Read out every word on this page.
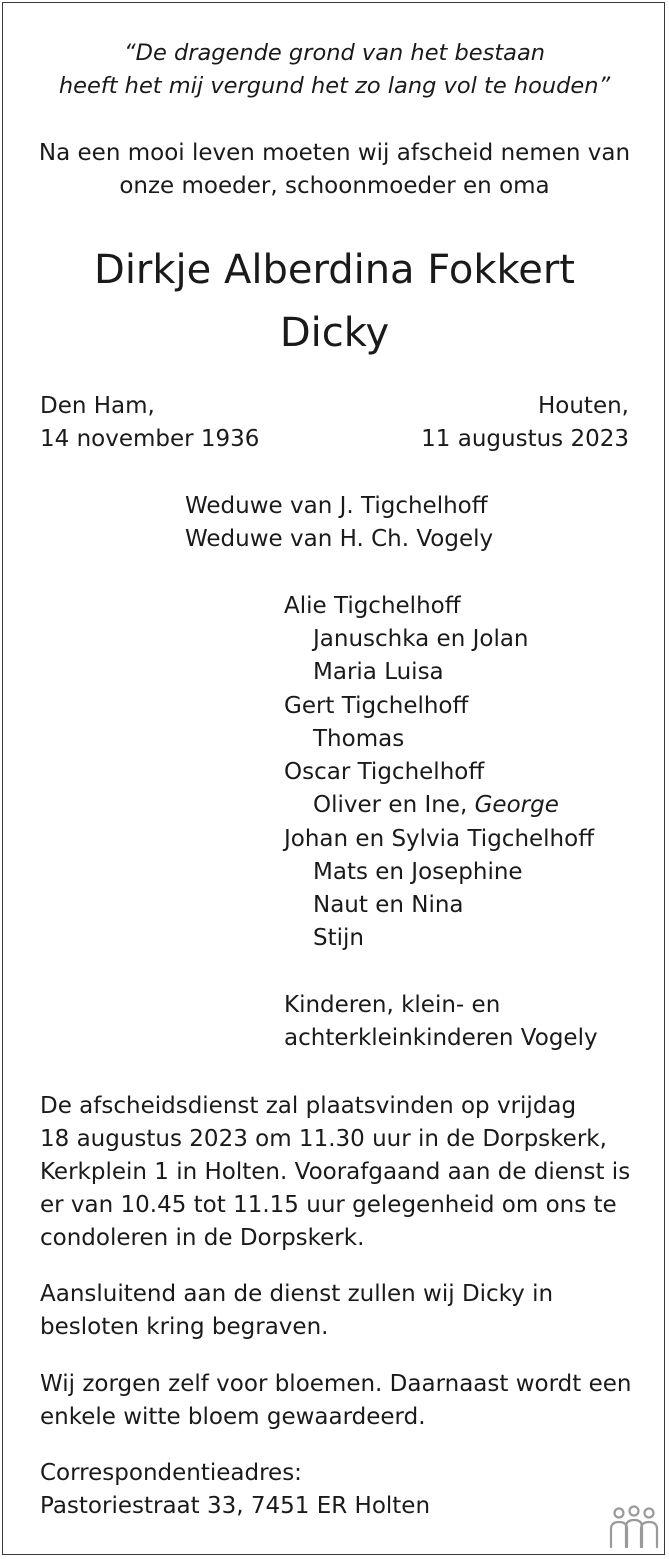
“De dragende grond van het bestaan
heeft het mij vergund het zo lang vol te houden”
Na een mooi leven moeten wij afscheid nemen van
onze moeder, schoonmoeder en oma
Dirkje Alberdina Fokkert
Dicky
Den Ham,
14 november 1936
Houten,
11 augustus 2023
Weduwe van J. Tigchelhoff
Weduwe van H. Ch. Vogely
Alie Tigchelhoff
Januschka en Jolan
Maria Luisa
Gert Tigchelhoff
Thomas
Oscar Tigchelhoff
Oliver en Ine, George
Johan en Sylvia Tigchelhoff
Mats en Josephine
Naut en Nina
Stijn
Kinderen, klein- en
achterkleinkinderen Vogely
De afscheidsdienst zal plaatsvinden op vrijdag
18 augustus 2023 om 11.30 uur in de Dorpskerk,
Kerkplein 1 in Holten. Voorafgaand aan de dienst is
er van 10.45 tot 11.15 uur gelegenheid om ons te
condoleren in de Dorpskerk.
Aansluitend aan de dienst zullen wij Dicky in
besloten kring begraven.
Wij zorgen zelf voor bloemen. Daarnaast wordt een
enkele witte bloem gewaardeerd.
Correspondentieadres:
Pastoriestraat 33, 7451 ER Holten
